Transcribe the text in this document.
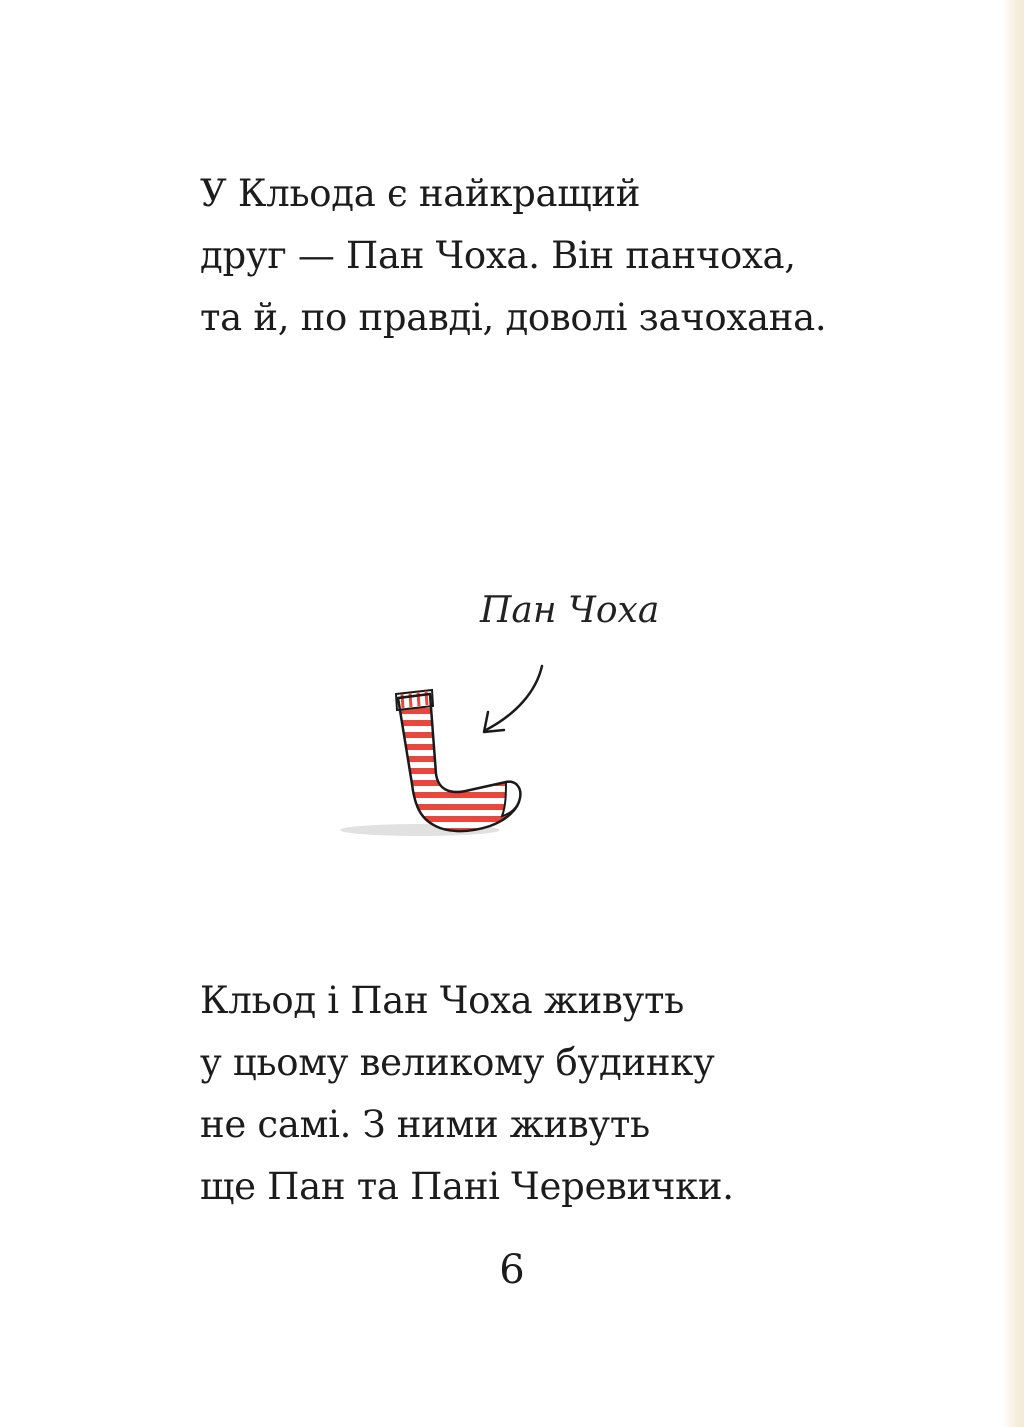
У Кльода є найкращий
друг — Пан Чоха. Він панчоха,
та й, по правді, доволі зачохана.
Пан Чоха
Кльод і Пан Чоха живуть
у цьому великому будинку
не самі. З ними живуть
ще Пан та Пані Черевички.
6
